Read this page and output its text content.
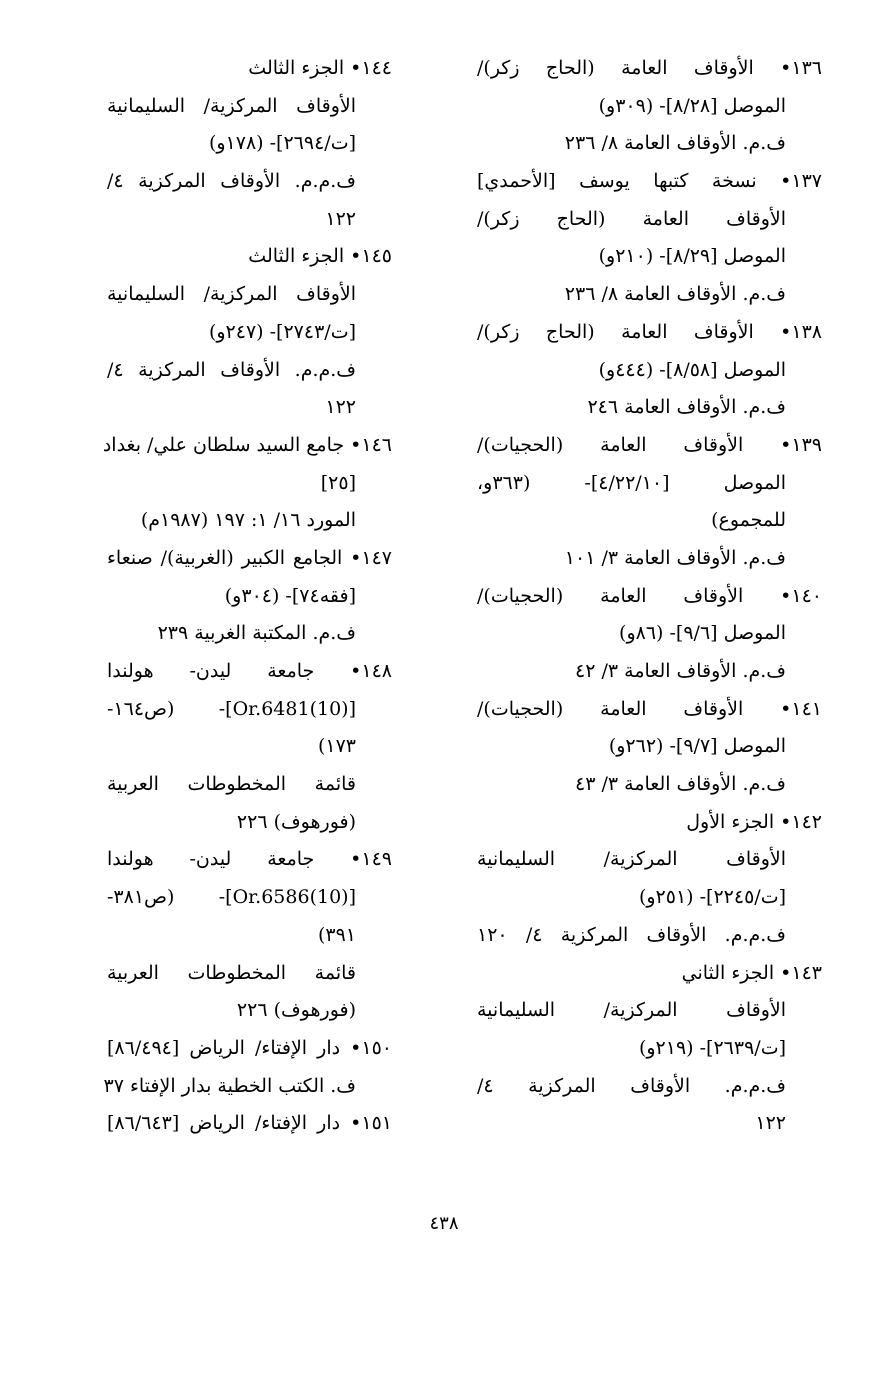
١٣٦• الأوقاف العامة (الحاج زكر)/
الموصل [٨/٢٨]- (٣٠٩و)
ف.م. الأوقاف العامة ٨/ ٢٣٦
١٣٧• نسخة كتبها يوسف [الأحمدي]
الأوقاف العامة (الحاج زكر)/
الموصل [٨/٢٩]- (٢١٠و)
ف.م. الأوقاف العامة ٨/ ٢٣٦
١٣٨• الأوقاف العامة (الحاج زكر)/
الموصل [٨/٥٨]- (٤٤٤و)
ف.م. الأوقاف العامة ٢٤٦
١٣٩• الأوقاف العامة (الحجيات)/
الموصل [٤/٢٢/١٠]- (٣٦٣و،
للمجموع)
ف.م. الأوقاف العامة ٣/ ١٠١
١٤٠• الأوقاف العامة (الحجيات)/
الموصل [٩/٦]- (٨٦و)
ف.م. الأوقاف العامة ٣/ ٤٢
١٤١• الأوقاف العامة (الحجيات)/
الموصل [٩/٧]- (٢٦٢و)
ف.م. الأوقاف العامة ٣/ ٤٣
١٤٢• الجزء الأول
الأوقاف المركزية/ السليمانية
[ت/٢٢٤٥]- (٢٥١و)
ف.م.م. الأوقاف المركزية ٤/ ١٢٠
١٤٣• الجزء الثاني
الأوقاف المركزية/ السليمانية
[ت/٢٦٣٩]- (٢١٩و)
ف.م.م. الأوقاف المركزية ٤/
١٢٢
١٤٤• الجزء الثالث
الأوقاف المركزية/ السليمانية
[ت/٢٦٩٤]- (١٧٨و)
ف.م.م. الأوقاف المركزية ٤/
١٢٢
١٤٥• الجزء الثالث
الأوقاف المركزية/ السليمانية
[ت/٢٧٤٣]- (٢٤٧و)
ف.م.م. الأوقاف المركزية ٤/
١٢٢
١٤٦• جامع السيد سلطان علي/ بغداد
[٢٥]
المورد ١٦/ ١: ١٩٧ (١٩٨٧م)
١٤٧• الجامع الكبير (الغربية)/ صنعاء
[فقه٧٤]- (٣٠٤و)
ف.م. المكتبة الغربية ٢٣٩
١٤٨• جامعة ليدن- هولندا
[Or.6481(10)]- (ص١٦٤-
١٧٣)
قائمة المخطوطات العربية
(فورهوف) ٢٢٦
١٤٩• جامعة ليدن- هولندا
[Or.6586(10)]- (ص٣٨١-
٣٩١)
قائمة المخطوطات العربية
(فورهوف) ٢٢٦
١٥٠• دار الإفتاء/ الرياض [٨٦/٤٩٤]
ف. الكتب الخطية بدار الإفتاء ٣٧
١٥١• دار الإفتاء/ الرياض [٨٦/٦٤٣]
٤٣٨
